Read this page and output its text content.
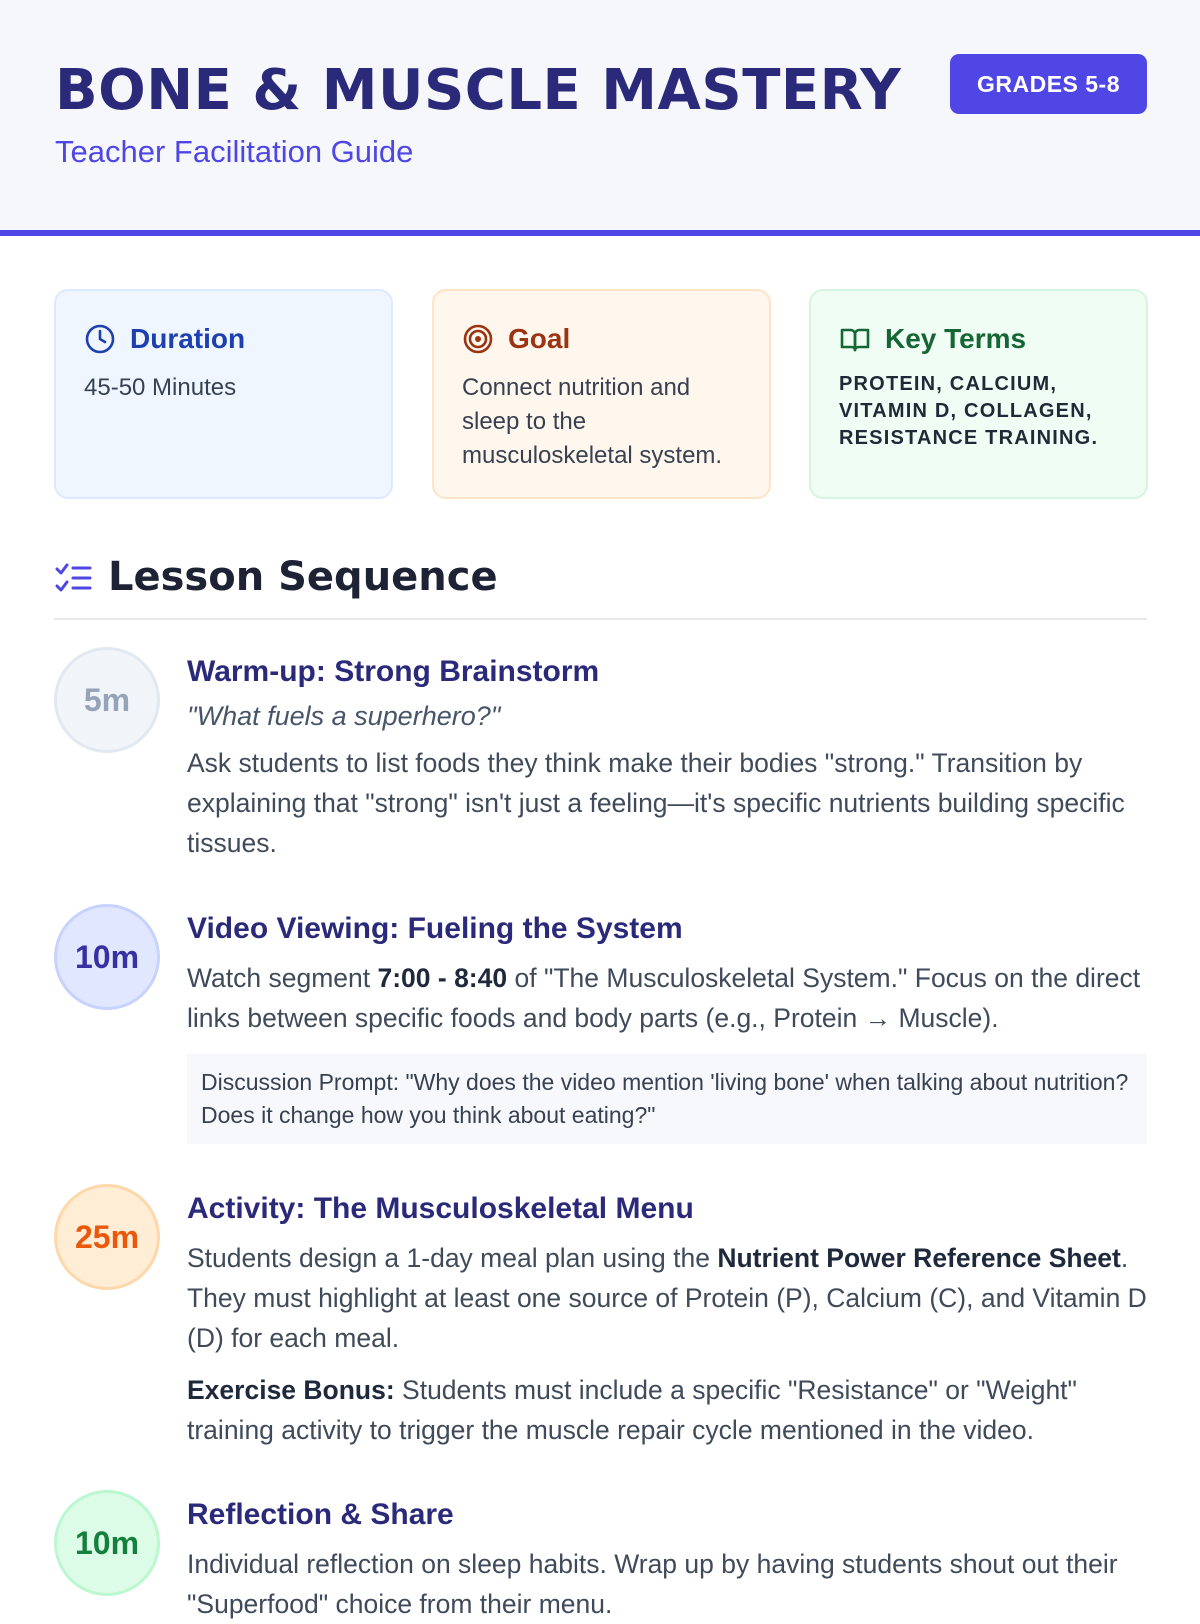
BONE & MUSCLE MASTERY
Teacher Facilitation Guide
GRADES 5-8
Duration
45-50 Minutes
Goal
Connect nutrition and sleep to the musculoskeletal system.
Key Terms
PROTEIN, CALCIUM, VITAMIN D, COLLAGEN, RESISTANCE TRAINING.
Lesson Sequence
5m
Warm-up: Strong Brainstorm
"What fuels a superhero?"
Ask students to list foods they think make their bodies "strong." Transition by explaining that "strong" isn't just a feeling—it's specific nutrients building specific tissues.
10m
Video Viewing: Fueling the System
Watch segment 7:00 - 8:40 of "The Musculoskeletal System." Focus on the direct links between specific foods and body parts (e.g., Protein → Muscle).
Discussion Prompt: "Why does the video mention 'living bone' when talking about nutrition? Does it change how you think about eating?"
25m
Activity: The Musculoskeletal Menu
Students design a 1-day meal plan using the Nutrient Power Reference Sheet. They must highlight at least one source of Protein (P), Calcium (C), and Vitamin D (D) for each meal.
Exercise Bonus: Students must include a specific "Resistance" or "Weight" training activity to trigger the muscle repair cycle mentioned in the video.
10m
Reflection & Share
Individual reflection on sleep habits. Wrap up by having students shout out their "Superfood" choice from their menu.
